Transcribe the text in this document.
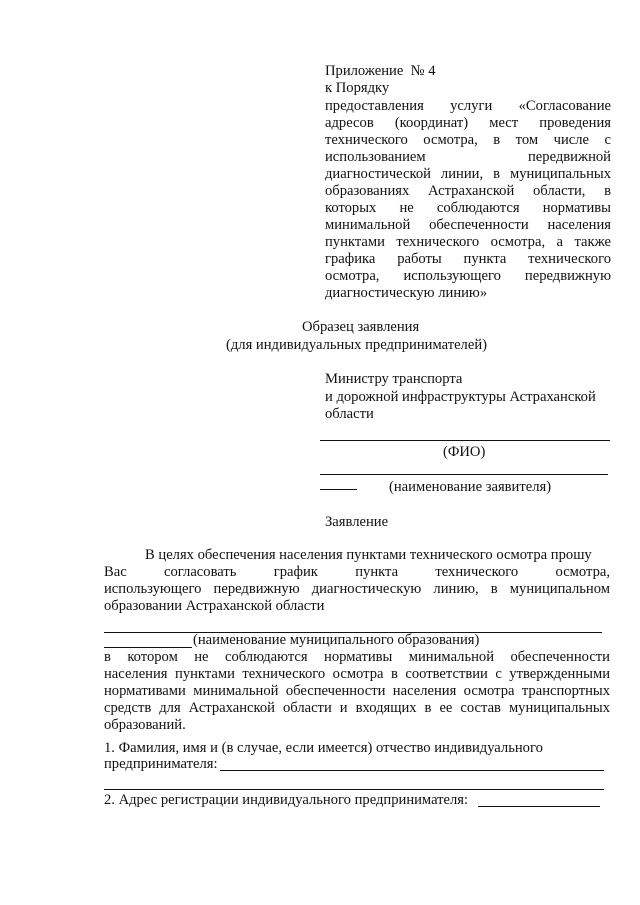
Приложение  № 4
к Порядку
предоставления услуги «Согласование
адресов (координат) мест проведения
технического осмотра, в том числе с
использованием передвижной
диагностической линии, в муниципальных
образованиях Астраханской области, в
которых не соблюдаются нормативы
минимальной обеспеченности населения
пунктами технического осмотра, а также
графика работы пункта технического
осмотра, использующего передвижную
диагностическую линию»
Образец заявления
(для индивидуальных предпринимателей)
Министру транспорта
и дорожной инфраструктуры Астраханской
области
(ФИО)
(наименование заявителя)
Заявление
В целях обеспечения населения пунктами технического осмотра прошу
Вас согласовать график пункта технического осмотра,
использующего передвижную диагностическую линию, в муниципальном
образовании Астраханской области
(наименование муниципального образования)
в котором не соблюдаются нормативы минимальной обеспеченности
населения пунктами технического осмотра в соответствии с утвержденными
нормативами минимальной обеспеченности населения осмотра транспортных
средств для Астраханской области и входящих в ее состав муниципальных
образований.
1. Фамилия, имя и (в случае, если имеется) отчество индивидуального
предпринимателя:
2. Адрес регистрации индивидуального предпринимателя:
